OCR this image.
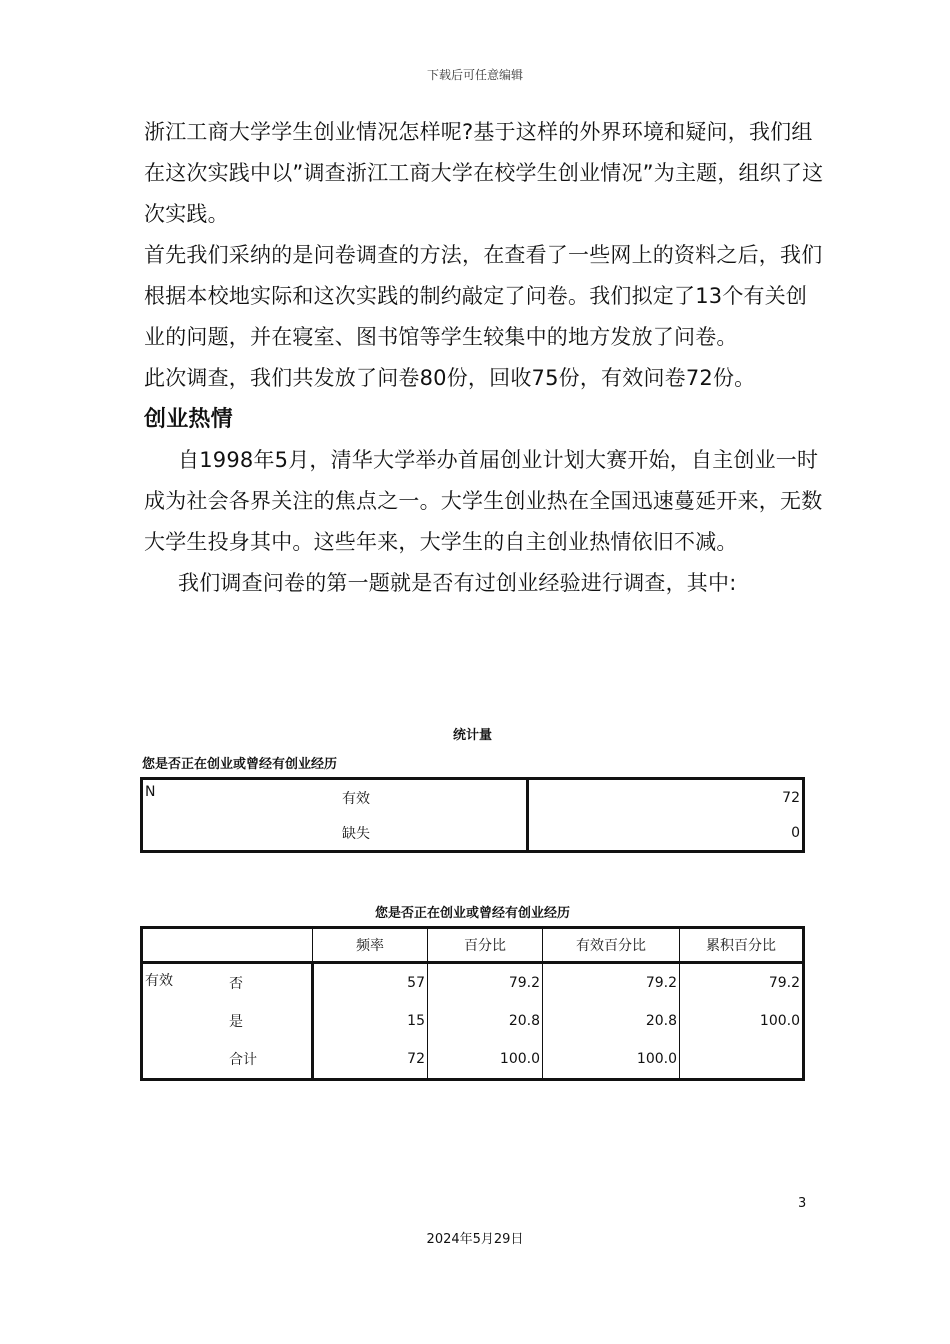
下载后可任意编辑

浙江工商大学学生创业情况怎样呢?基于这样的外界环境和疑问，我们组在这次实践中以”调查浙江工商大学在校学生创业情况”为主题，组织了这次实践。

首先我们采纳的是问卷调查的方法，在查看了一些网上的资料之后，我们根据本校地实际和这次实践的制约敲定了问卷。我们拟定了13个有关创业的问题，并在寝室、图书馆等学生较集中的地方发放了问卷。

此次调查，我们共发放了问卷80份，回收75份，有效问卷72份。

创业热情

自1998年5月，清华大学举办首届创业计划大赛开始，自主创业一时成为社会各界关注的焦点之一。大学生创业热在全国迅速蔓延开来，无数大学生投身其中。这些年来，大学生的自主创业热情依旧不减。

我们调查问卷的第一题就是否有过创业经验进行调查，其中:

统计量
您是否正在创业或曾经有创业经历
N	有效	72
	缺失	0
您是否正在创业或曾经有创业经历
		频率	百分比	有效百分比	累积百分比
有效	否	57	79.2	79.2	79.2
	是	15	20.8	20.8	100.0
	合计	72	100.0	100.0	
3
2024年5月29日
